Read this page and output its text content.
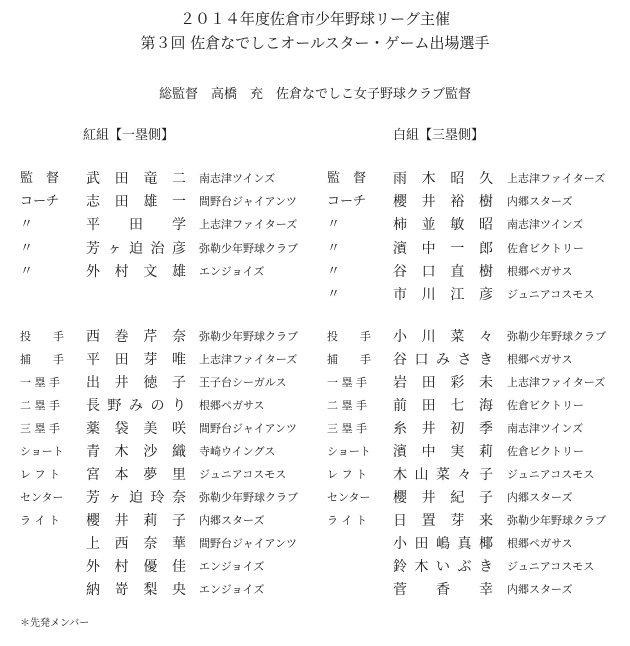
２０１４年度佐倉市少年野球リーグ主催
第３回 佐倉なでしこオールスター・ゲーム出場選手
総監督　高橋　充　佐倉なでしこ女子野球クラブ監督
紅組【一塁側】	白組【三塁側】
監　督	武 田 竜 二 南志津ツインズ
コーチ 志 田 雄 一 間野台ジャイアンツ
〃	平 田 学 上志津ファイターズ
〃	芳 ヶ 迫 治 彦 弥勒少年野球クラブ
〃	外 村 文 雄 エンジョイズ
投　　手 西 巻 芹 奈 弥勒少年野球クラブ
捕　　手 平 田 芽 唯 上志津ファイターズ
一 塁 手 出 井 徳 子 王子台シーガルス
二 塁 手 長 野 み の り 根郷ペガサス
三 塁 手 薬 袋 美 咲 間野台ジャイアンツ
ショート 青 木 沙 織 寺崎ウイングス
レ フ ト 宮 本 夢 里 ジュニアコスモス
センター 芳 ヶ 迫 玲 奈 弥勒少年野球クラブ
ラ イ ト 櫻 井 莉 子 内郷スターズ
上 西 奈 華 間野台ジャイアンツ
外 村 優 佳 エンジョイズ
納 嵜 梨 央 エンジョイズ
監　督	雨 木 昭 久 上志津ファイターズ
コーチ 櫻 井 裕 樹 内郷スターズ
〃	柿 並 敏 昭 南志津ツインズ
〃	濱 中 一 郎 佐倉ビクトリー
〃	谷 口 直 樹 根郷ペガサス
〃	市 川 江 彦 ジュニアコスモス
投　　手 小 川 菜 々 弥勒少年野球クラブ
捕　　手 谷 口 み さ き 根郷ペガサス
一 塁 手 岩 田 彩 未 上志津ファイターズ
二 塁 手 前 田 七 海 佐倉ビクトリー
三 塁 手 糸 井 初 季 南志津ツインズ
ショート 濱 中 実 莉 佐倉ビクトリー
レ フ ト 木 山 菜 々 子 ジュニアコスモス
センター 櫻 井 紀 子 内郷スターズ
ラ イ ト 日 置 芽 来 弥勒少年野球クラブ
小 田 嶋 真 椰 根郷ペガサス
鈴 木 い ぶ き ジュニアコスモス
菅 香 幸 内郷スターズ
＊先発メンバー
